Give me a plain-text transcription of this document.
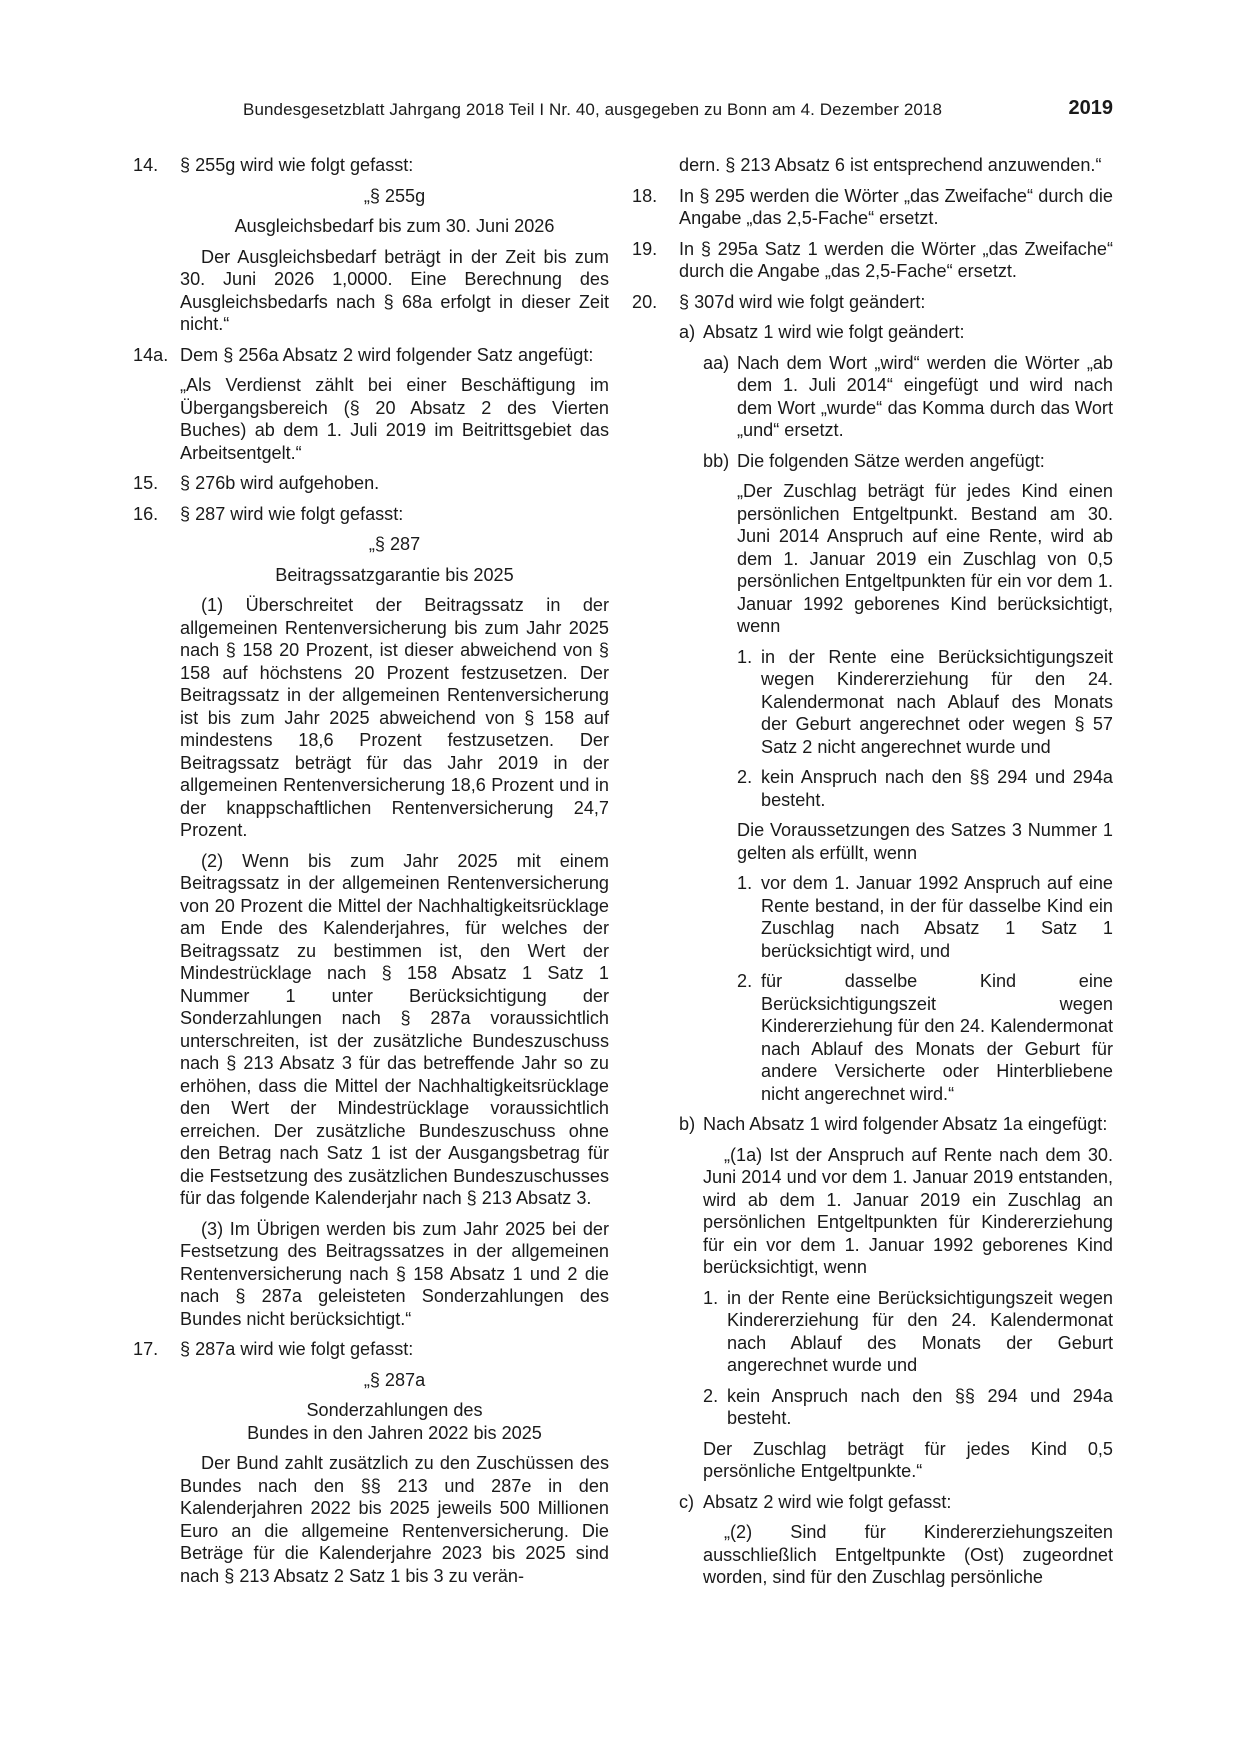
Bundesgesetzblatt Jahrgang 2018 Teil I Nr. 40, ausgegeben zu Bonn am 4. Dezember 2018	2019
14. § 255g wird wie folgt gefasst:

„§ 255g

Ausgleichsbedarf bis zum 30. Juni 2026

Der Ausgleichsbedarf beträgt in der Zeit bis zum 30. Juni 2026 1,0000. Eine Berechnung des Ausgleichsbedarfs nach § 68a erfolgt in dieser Zeit nicht.“

14a. Dem § 256a Absatz 2 wird folgender Satz angefügt:

„Als Verdienst zählt bei einer Beschäftigung im Übergangsbereich (§ 20 Absatz 2 des Vierten Buches) ab dem 1. Juli 2019 im Beitrittsgebiet das Arbeitsentgelt.“

15. § 276b wird aufgehoben.

16. § 287 wird wie folgt gefasst:

„§ 287

Beitragssatzgarantie bis 2025

(1) Überschreitet der Beitragssatz in der allgemeinen Rentenversicherung bis zum Jahr 2025 nach § 158 20 Prozent, ist dieser abweichend von § 158 auf höchstens 20 Prozent festzusetzen. Der Beitragssatz in der allgemeinen Rentenversicherung ist bis zum Jahr 2025 abweichend von § 158 auf mindestens 18,6 Prozent festzusetzen. Der Beitragssatz beträgt für das Jahr 2019 in der allgemeinen Rentenversicherung 18,6 Prozent und in der knappschaftlichen Rentenversicherung 24,7 Prozent.

(2) Wenn bis zum Jahr 2025 mit einem Beitragssatz in der allgemeinen Rentenversicherung von 20 Prozent die Mittel der Nachhaltigkeitsrücklage am Ende des Kalenderjahres, für welches der Beitragssatz zu bestimmen ist, den Wert der Mindestrücklage nach § 158 Absatz 1 Satz 1 Nummer 1 unter Berücksichtigung der Sonderzahlungen nach § 287a voraussichtlich unterschreiten, ist der zusätzliche Bundeszuschuss nach § 213 Absatz 3 für das betreffende Jahr so zu erhöhen, dass die Mittel der Nachhaltigkeitsrücklage den Wert der Mindestrücklage voraussichtlich erreichen. Der zusätzliche Bundeszuschuss ohne den Betrag nach Satz 1 ist der Ausgangsbetrag für die Festsetzung des zusätzlichen Bundeszuschusses für das folgende Kalenderjahr nach § 213 Absatz 3.

(3) Im Übrigen werden bis zum Jahr 2025 bei der Festsetzung des Beitragssatzes in der allgemeinen Rentenversicherung nach § 158 Absatz 1 und 2 die nach § 287a geleisteten Sonderzahlungen des Bundes nicht berücksichtigt.“

17. § 287a wird wie folgt gefasst:

„§ 287a

Sonderzahlungen des

Bundes in den Jahren 2022 bis 2025

Der Bund zahlt zusätzlich zu den Zuschüssen des Bundes nach den §§ 213 und 287e in den Kalenderjahren 2022 bis 2025 jeweils 500 Millionen Euro an die allgemeine Rentenversicherung. Die Beträge für die Kalenderjahre 2023 bis 2025 sind nach § 213 Absatz 2 Satz 1 bis 3 zu verän-

dern. § 213 Absatz 6 ist entsprechend anzuwenden.“

18. In § 295 werden die Wörter „das Zweifache“ durch die Angabe „das 2,5-Fache“ ersetzt.

19. In § 295a Satz 1 werden die Wörter „das Zweifache“ durch die Angabe „das 2,5-Fache“ ersetzt.

20. § 307d wird wie folgt geändert:

a) Absatz 1 wird wie folgt geändert:

aa) Nach dem Wort „wird“ werden die Wörter „ab dem 1. Juli 2014“ eingefügt und wird nach dem Wort „wurde“ das Komma durch das Wort „und“ ersetzt.

bb) Die folgenden Sätze werden angefügt:

„Der Zuschlag beträgt für jedes Kind einen persönlichen Entgeltpunkt. Bestand am 30. Juni 2014 Anspruch auf eine Rente, wird ab dem 1. Januar 2019 ein Zuschlag von 0,5 persönlichen Entgeltpunkten für ein vor dem 1. Januar 1992 geborenes Kind berücksichtigt, wenn

1. in der Rente eine Berücksichtigungszeit wegen Kindererziehung für den 24. Kalendermonat nach Ablauf des Monats der Geburt angerechnet oder wegen § 57 Satz 2 nicht angerechnet wurde und

2. kein Anspruch nach den §§ 294 und 294a besteht.

Die Voraussetzungen des Satzes 3 Nummer 1 gelten als erfüllt, wenn

1. vor dem 1. Januar 1992 Anspruch auf eine Rente bestand, in der für dasselbe Kind ein Zuschlag nach Absatz 1 Satz 1 berücksichtigt wird, und

2. für dasselbe Kind eine Berücksichtigungszeit wegen Kindererziehung für den 24. Kalendermonat nach Ablauf des Monats der Geburt für andere Versicherte oder Hinterbliebene nicht angerechnet wird.“

b) Nach Absatz 1 wird folgender Absatz 1a eingefügt:

„(1a) Ist der Anspruch auf Rente nach dem 30. Juni 2014 und vor dem 1. Januar 2019 entstanden, wird ab dem 1. Januar 2019 ein Zuschlag an persönlichen Entgeltpunkten für Kindererziehung für ein vor dem 1. Januar 1992 geborenes Kind berücksichtigt, wenn

1. in der Rente eine Berücksichtigungszeit wegen Kindererziehung für den 24. Kalendermonat nach Ablauf des Monats der Geburt angerechnet wurde und

2. kein Anspruch nach den §§ 294 und 294a besteht.

Der Zuschlag beträgt für jedes Kind 0,5 persönliche Entgeltpunkte.“

c) Absatz 2 wird wie folgt gefasst:

„(2) Sind für Kindererziehungszeiten ausschließlich Entgeltpunkte (Ost) zugeordnet worden, sind für den Zuschlag persönliche
